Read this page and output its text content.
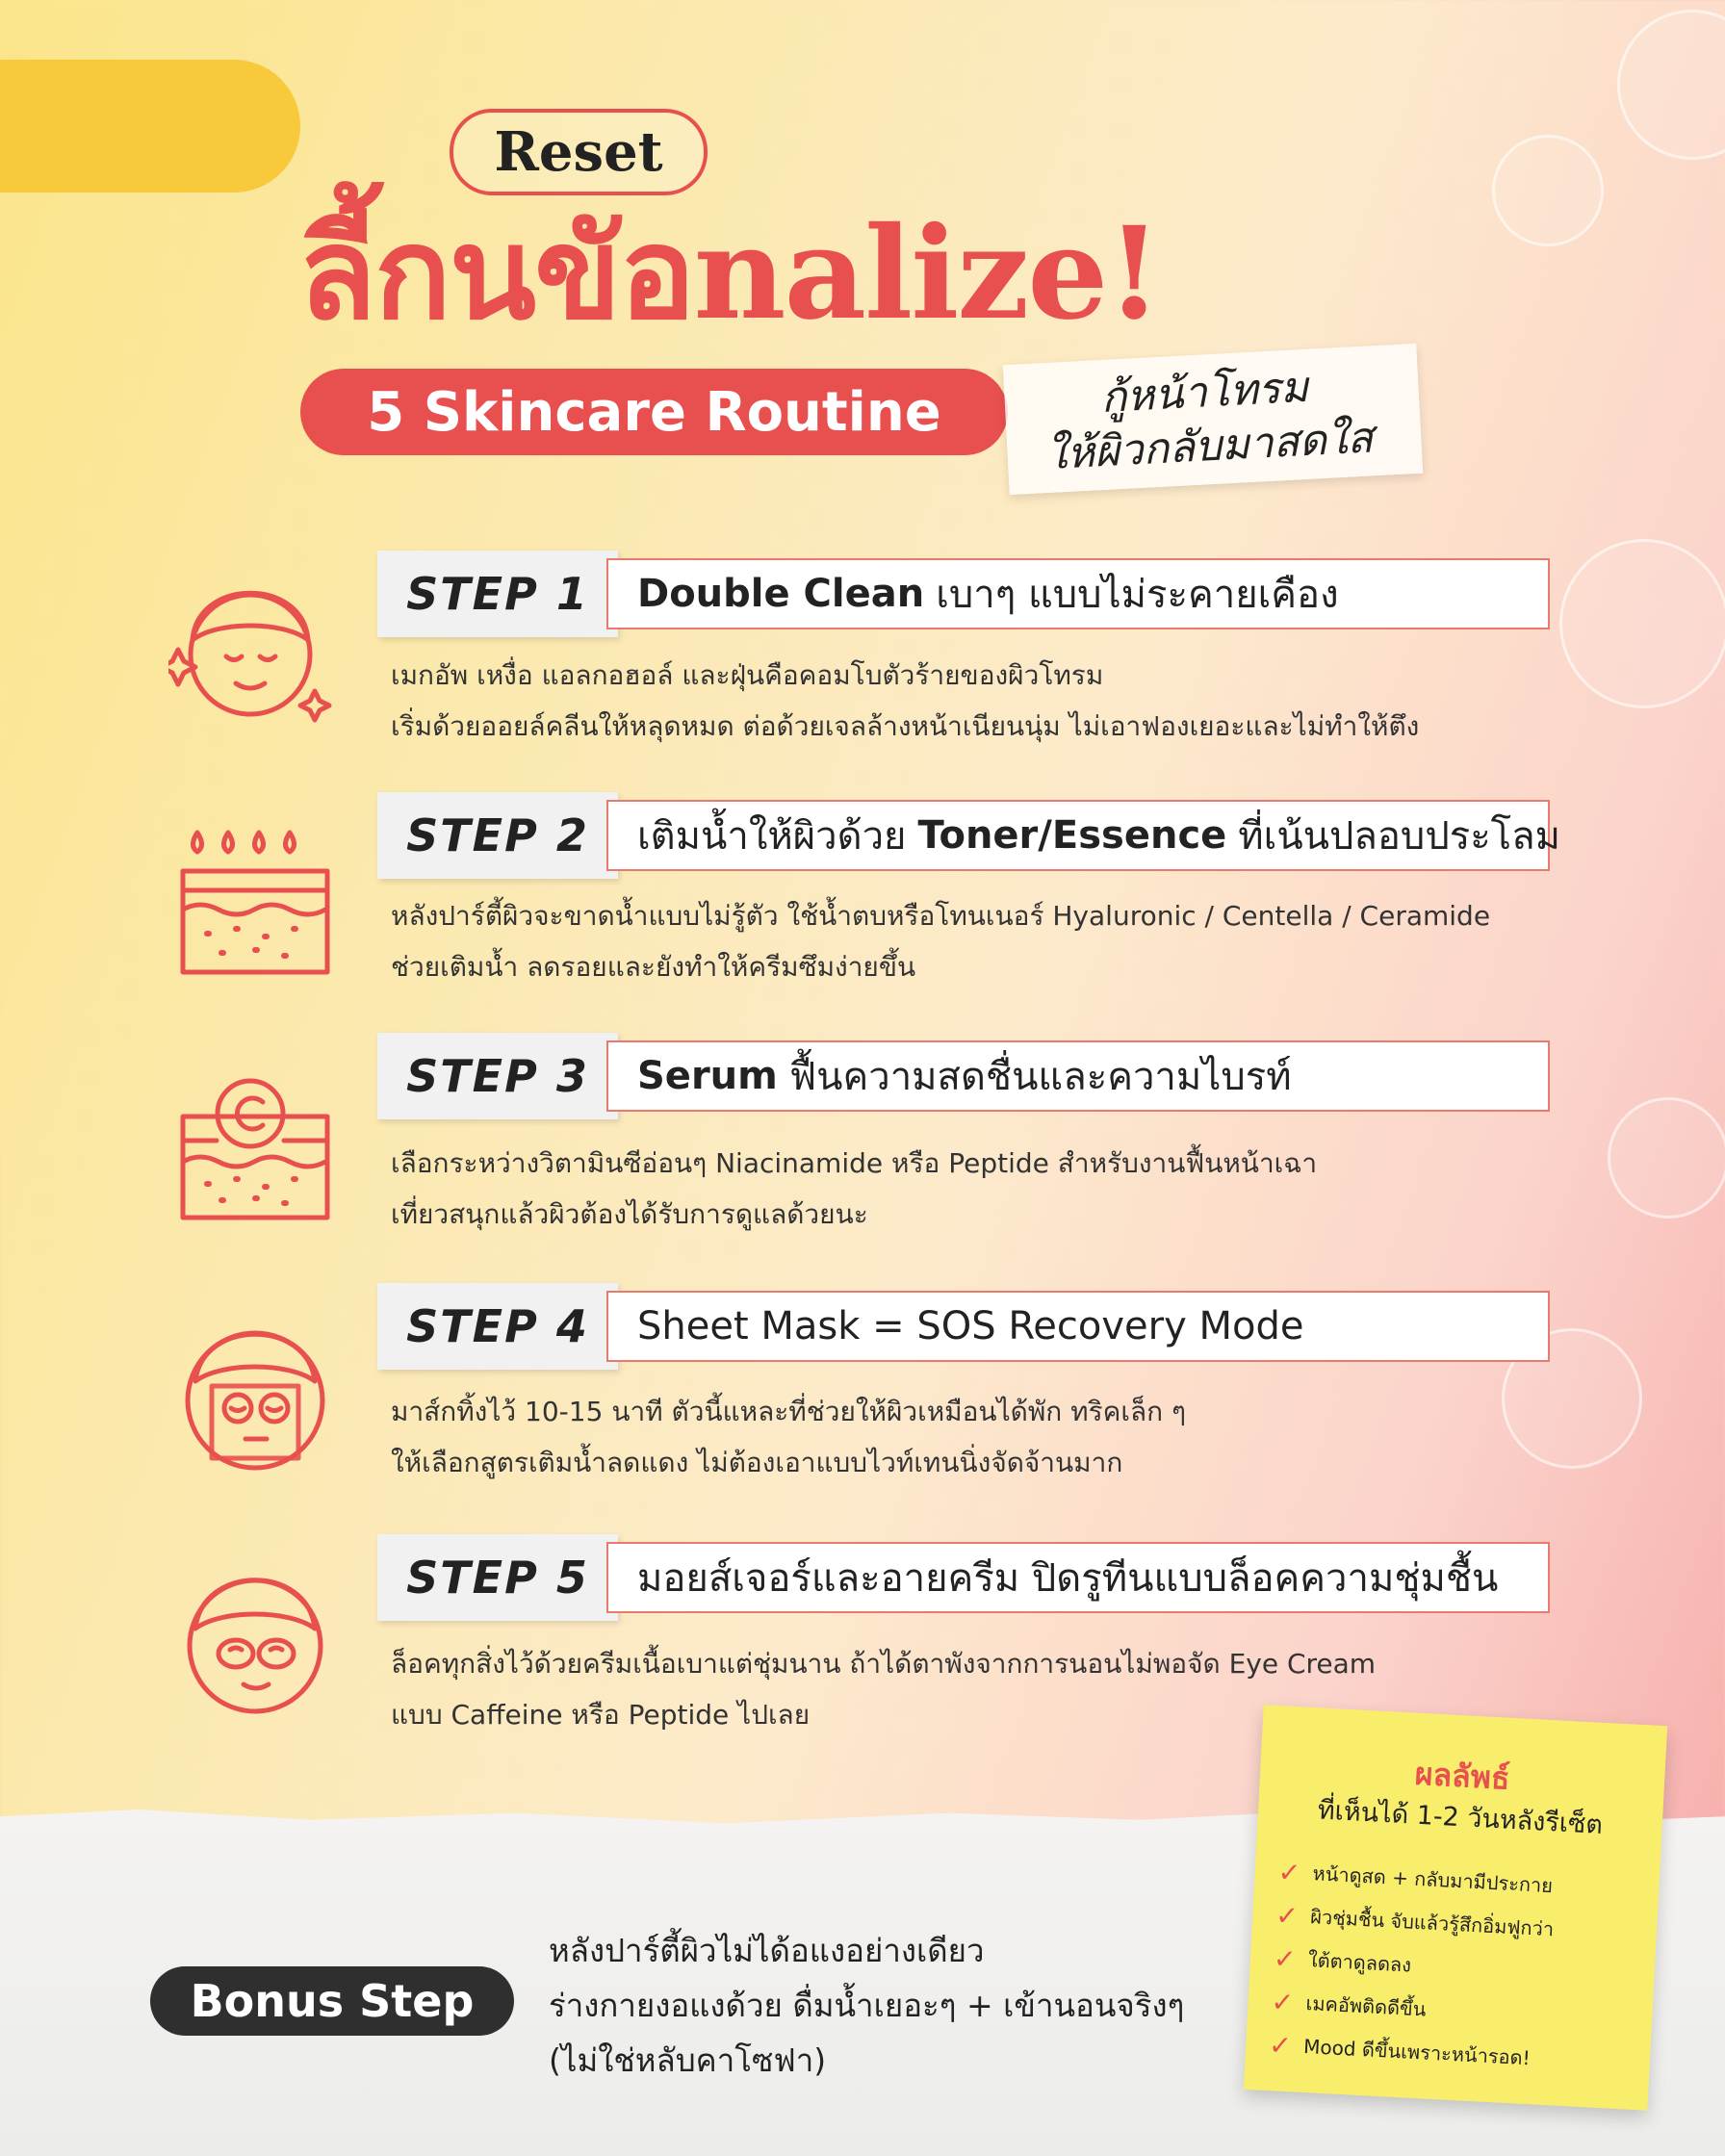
Reset
ลี้กนขัอnalize!
5 Skincare Routine	กู้หน้าโทรม
ให้ผิวกลับมาสดใส
STEP 1	Double Clean เบาๆ แบบไม่ระคายเคือง
เมกอัพ เหงื่อ แอลกอฮอล์ และฝุ่นคือคอมโบตัวร้ายของผิวโทรม
เริ่มด้วยออยล์คลีนให้หลุดหมด ต่อด้วยเจลล้างหน้าเนียนนุ่ม ไม่เอาฟองเยอะและไม่ทำให้ตึง
STEP 2	เติมน้ำให้ผิวด้วย Toner/Essence ที่เน้นปลอบประโลม
หลังปาร์ตี้ผิวจะขาดน้ำแบบไม่รู้ตัว ใช้น้ำตบหรือโทนเนอร์ Hyaluronic / Centella / Ceramide
ช่วยเติมน้ำ ลดรอยและยังทำให้ครีมซึมง่ายขึ้น
STEP 3	Serum ฟื้นความสดชื่นและความไบรท์
เลือกระหว่างวิตามินซีอ่อนๆ Niacinamide หรือ Peptide สำหรับงานฟื้นหน้าเฉา
เที่ยวสนุกแล้วผิวต้องได้รับการดูแลด้วยนะ
STEP 4	Sheet Mask = SOS Recovery Mode
มาส์กทิ้งไว้ 10-15 นาที ตัวนี้แหละที่ช่วยให้ผิวเหมือนได้พัก ทริคเล็ก ๆ
ให้เลือกสูตรเติมน้ำลดแดง ไม่ต้องเอาแบบไวท์เทนนิ่งจัดจ้านมาก
STEP 5	มอยส์เจอร์และอายครีม ปิดรูทีนแบบล็อคความชุ่มชื้น
ล็อคทุกสิ่งไว้ด้วยครีมเนื้อเบาแต่ชุ่มนาน ถ้าได้ตาพังจากการนอนไม่พอจัด Eye Cream
แบบ Caffeine หรือ Peptide ไปเลย
Bonus Step
หลังปาร์ตี้ผิวไม่ได้อแงอย่างเดียว
ร่างกายงอแงด้วย ดื่มน้ำเยอะๆ + เข้านอนจริงๆ
(ไม่ใช่หลับคาโซฟา)
ผลลัพธ์
ที่เห็นได้ 1-2 วันหลังรีเซ็ต
✓ หน้าดูสด + กลับมามีประกาย
✓ ผิวชุ่มชื้น จับแล้วรู้สึกอิ่มฟูกว่า
✓ ใต้ตาดูลดลง
✓ เมคอัพติดดีขึ้น
✓ Mood ดีขึ้นเพราะหน้ารอด!
